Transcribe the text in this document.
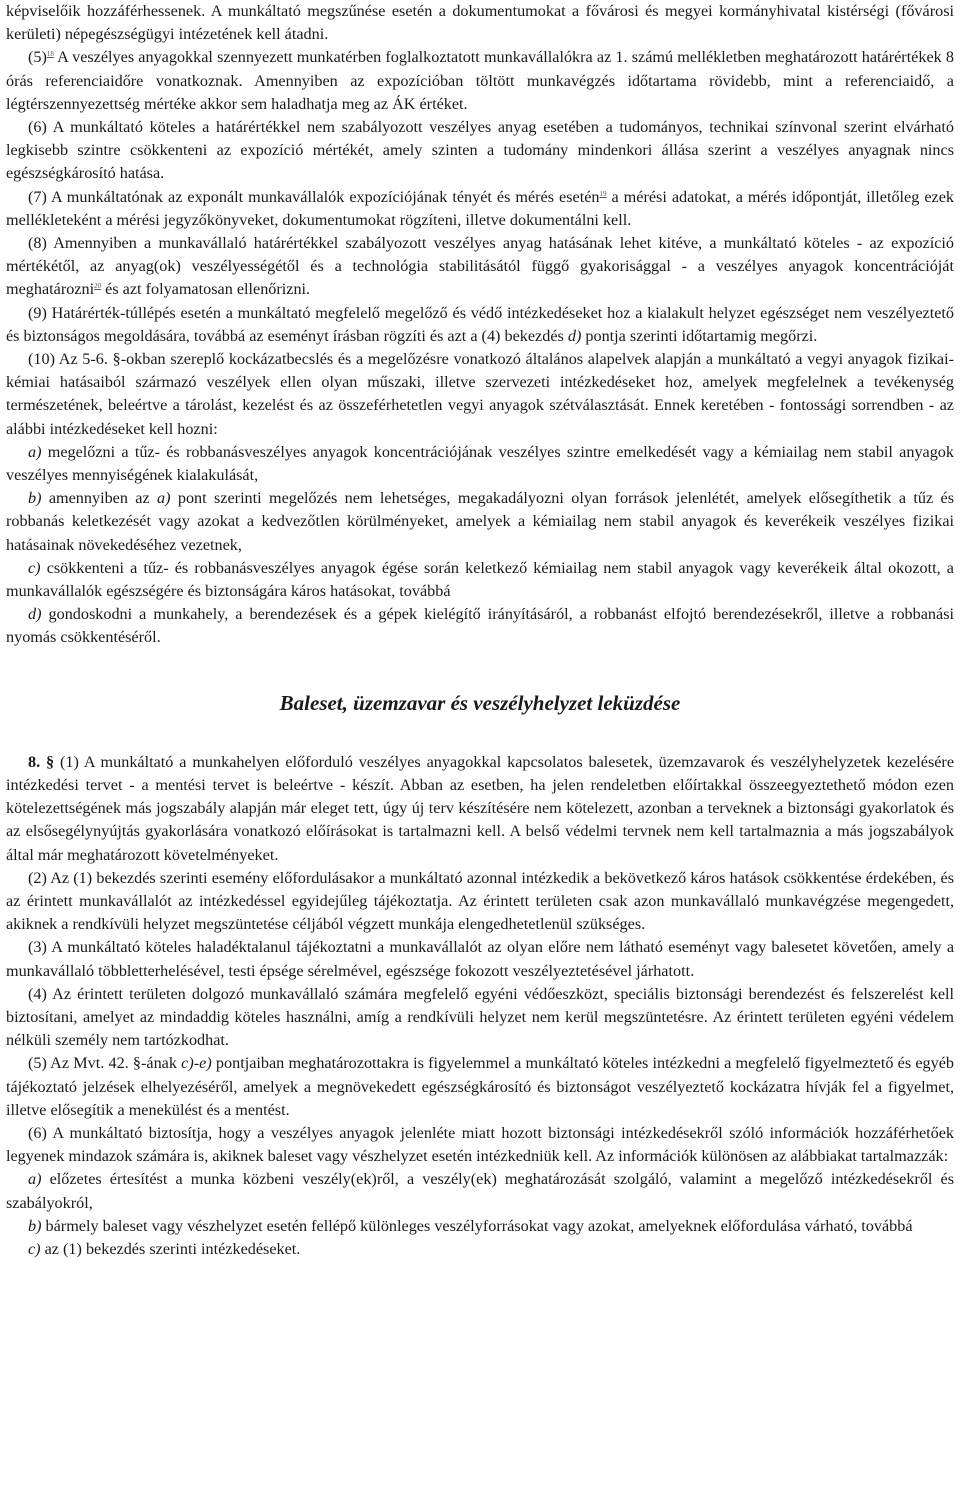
képviselőik hozzáférhessenek. A munkáltató megszűnése esetén a dokumentumokat a fővárosi és megyei kormányhivatal kistérségi (fővárosi kerületi) népegészségügyi intézetének kell átadni.

$(5)^{18}$ A veszélyes anyagokkal szennyezett munkatérben foglalkoztatott munkavállalókra az 1. számú mellékletben meghatározott határértékek 8 órás referenciaidőre vonatkoznak. Amennyiben az expozícióban töltött munkavégzés időtartama rövidebb, mint a referenciaidő, a légtérszennyezettség mértéke akkor sem haladhatja meg az ÁK értéket.

(6) A munkáltató köteles a határértékkel nem szabályozott veszélyes anyag esetében a tudományos, technikai színvonal szerint elvárható legkisebb szintre csökkenteni az expozíció mértékét, amely szinten a tudomány mindenkori állása szerint a veszélyes anyagnak nincs egészségkárosító hatása.

(7) A munkáltatónak az exponált munkavállalók expozíciójának tényét és mérés esetén$^{19}$ a mérési adatokat, a mérés időpontját, illetőleg ezek mellékleteként a mérési jegyzőkönyveket, dokumentumokat rögzíteni, illetve dokumentálni kell.

(8) Amennyiben a munkavállaló határértékkel szabályozott veszélyes anyag hatásának lehet kitéve, a munkáltató köteles - az expozíció mértékétől, az anyag(ok) veszélyességétől és a technológia stabilitásától függő gyakorisággal - a veszélyes anyagok koncentrációját meghatározni$^{20}$ és azt folyamatosan ellenőrizni.

(9) Határérték-túllépés esetén a munkáltató megfelelő megelőző és védő intézkedéseket hoz a kialakult helyzet egészséget nem veszélyeztető és biztonságos megoldására, továbbá az eseményt írásban rögzíti és azt a (4) bekezdés d) pontja szerinti időtartamig megőrzi.

(10) Az 5-6. §-okban szereplő kockázatbecslés és a megelőzésre vonatkozó általános alapelvek alapján a munkáltató a vegyi anyagok fizikai-kémiai hatásaiból származó veszélyek ellen olyan műszaki, illetve szervezeti intézkedéseket hoz, amelyek megfelelnek a tevékenység természetének, beleértve a tárolást, kezelést és az összeférhetetlen vegyi anyagok szétválasztását. Ennek keretében - fontossági sorrendben - az alábbi intézkedéseket kell hozni:

a) megelőzni a tűz- és robbanásveszélyes anyagok koncentrációjának veszélyes szintre emelkedését vagy a kémiailag nem stabil anyagok veszélyes mennyiségének kialakulását,

b) amennyiben az a) pont szerinti megelőzés nem lehetséges, megakadályozni olyan források jelenlétét, amelyek elősegíthetik a tűz és robbanás keletkezését vagy azokat a kedvezőtlen körülményeket, amelyek a kémiailag nem stabil anyagok és keverékeik veszélyes fizikai hatásainak növekedéséhez vezetnek,

c) csökkenteni a tűz- és robbanásveszélyes anyagok égése során keletkező kémiailag nem stabil anyagok vagy keverékeik által okozott, a munkavállalók egészségére és biztonságára káros hatásokat, továbbá

d) gondoskodni a munkahely, a berendezések és a gépek kielégítő irányításáról, a robbanást elfojtó berendezésekről, illetve a robbanási nyomás csökkentéséről.

Baleset, üzemzavar és veszélyhelyzet leküzdése

8. § (1) A munkáltató a munkahelyen előforduló veszélyes anyagokkal kapcsolatos balesetek, üzemzavarok és veszélyhelyzetek kezelésére intézkedési tervet - a mentési tervet is beleértve - készít. Abban az esetben, ha jelen rendeletben előírtakkal összeegyeztethető módon ezen kötelezettségének más jogszabály alapján már eleget tett, úgy új terv készítésére nem kötelezett, azonban a terveknek a biztonsági gyakorlatok és az elsősegélynyújtás gyakorlására vonatkozó előírásokat is tartalmazni kell. A belső védelmi tervnek nem kell tartalmaznia a más jogszabályok által már meghatározott követelményeket.

(2) Az (1) bekezdés szerinti esemény előfordulásakor a munkáltató azonnal intézkedik a bekövetkező káros hatások csökkentése érdekében, és az érintett munkavállalót az intézkedéssel egyidejűleg tájékoztatja. Az érintett területen csak azon munkavállaló munkavégzése megengedett, akiknek a rendkívüli helyzet megszüntetése céljából végzett munkája elengedhetetlenül szükséges.

(3) A munkáltató köteles haladéktalanul tájékoztatni a munkavállalót az olyan előre nem látható eseményt vagy balesetet követően, amely a munkavállaló többletterhelésével, testi épsége sérelmével, egészsége fokozott veszélyeztetésével járhatott.

(4) Az érintett területen dolgozó munkavállaló számára megfelelő egyéni védőeszközt, speciális biztonsági berendezést és felszerelést kell biztosítani, amelyet az mindaddig köteles használni, amíg a rendkívüli helyzet nem kerül megszüntetésre. Az érintett területen egyéni védelem nélküli személy nem tartózkodhat.

(5) Az Mvt. 42. §-ának c)-e) pontjaiban meghatározottakra is figyelemmel a munkáltató köteles intézkedni a megfelelő figyelmeztető és egyéb tájékoztató jelzések elhelyezéséről, amelyek a megnövekedett egészségkárosító és biztonságot veszélyeztető kockázatra hívják fel a figyelmet, illetve elősegítik a menekülést és a mentést.

(6) A munkáltató biztosítja, hogy a veszélyes anyagok jelenléte miatt hozott biztonsági intézkedésekről szóló információk hozzáférhetőek legyenek mindazok számára is, akiknek baleset vagy vészhelyzet esetén intézkedniük kell. Az információk különösen az alábbiakat tartalmazzák:

a) előzetes értesítést a munka közbeni veszély(ek)ről, a veszély(ek) meghatározását szolgáló, valamint a megelőző intézkedésekről és szabályokról,

b) bármely baleset vagy vészhelyzet esetén fellépő különleges veszélyforrásokat vagy azokat, amelyeknek előfordulása várható, továbbá

c) az (1) bekezdés szerinti intézkedéseket.
